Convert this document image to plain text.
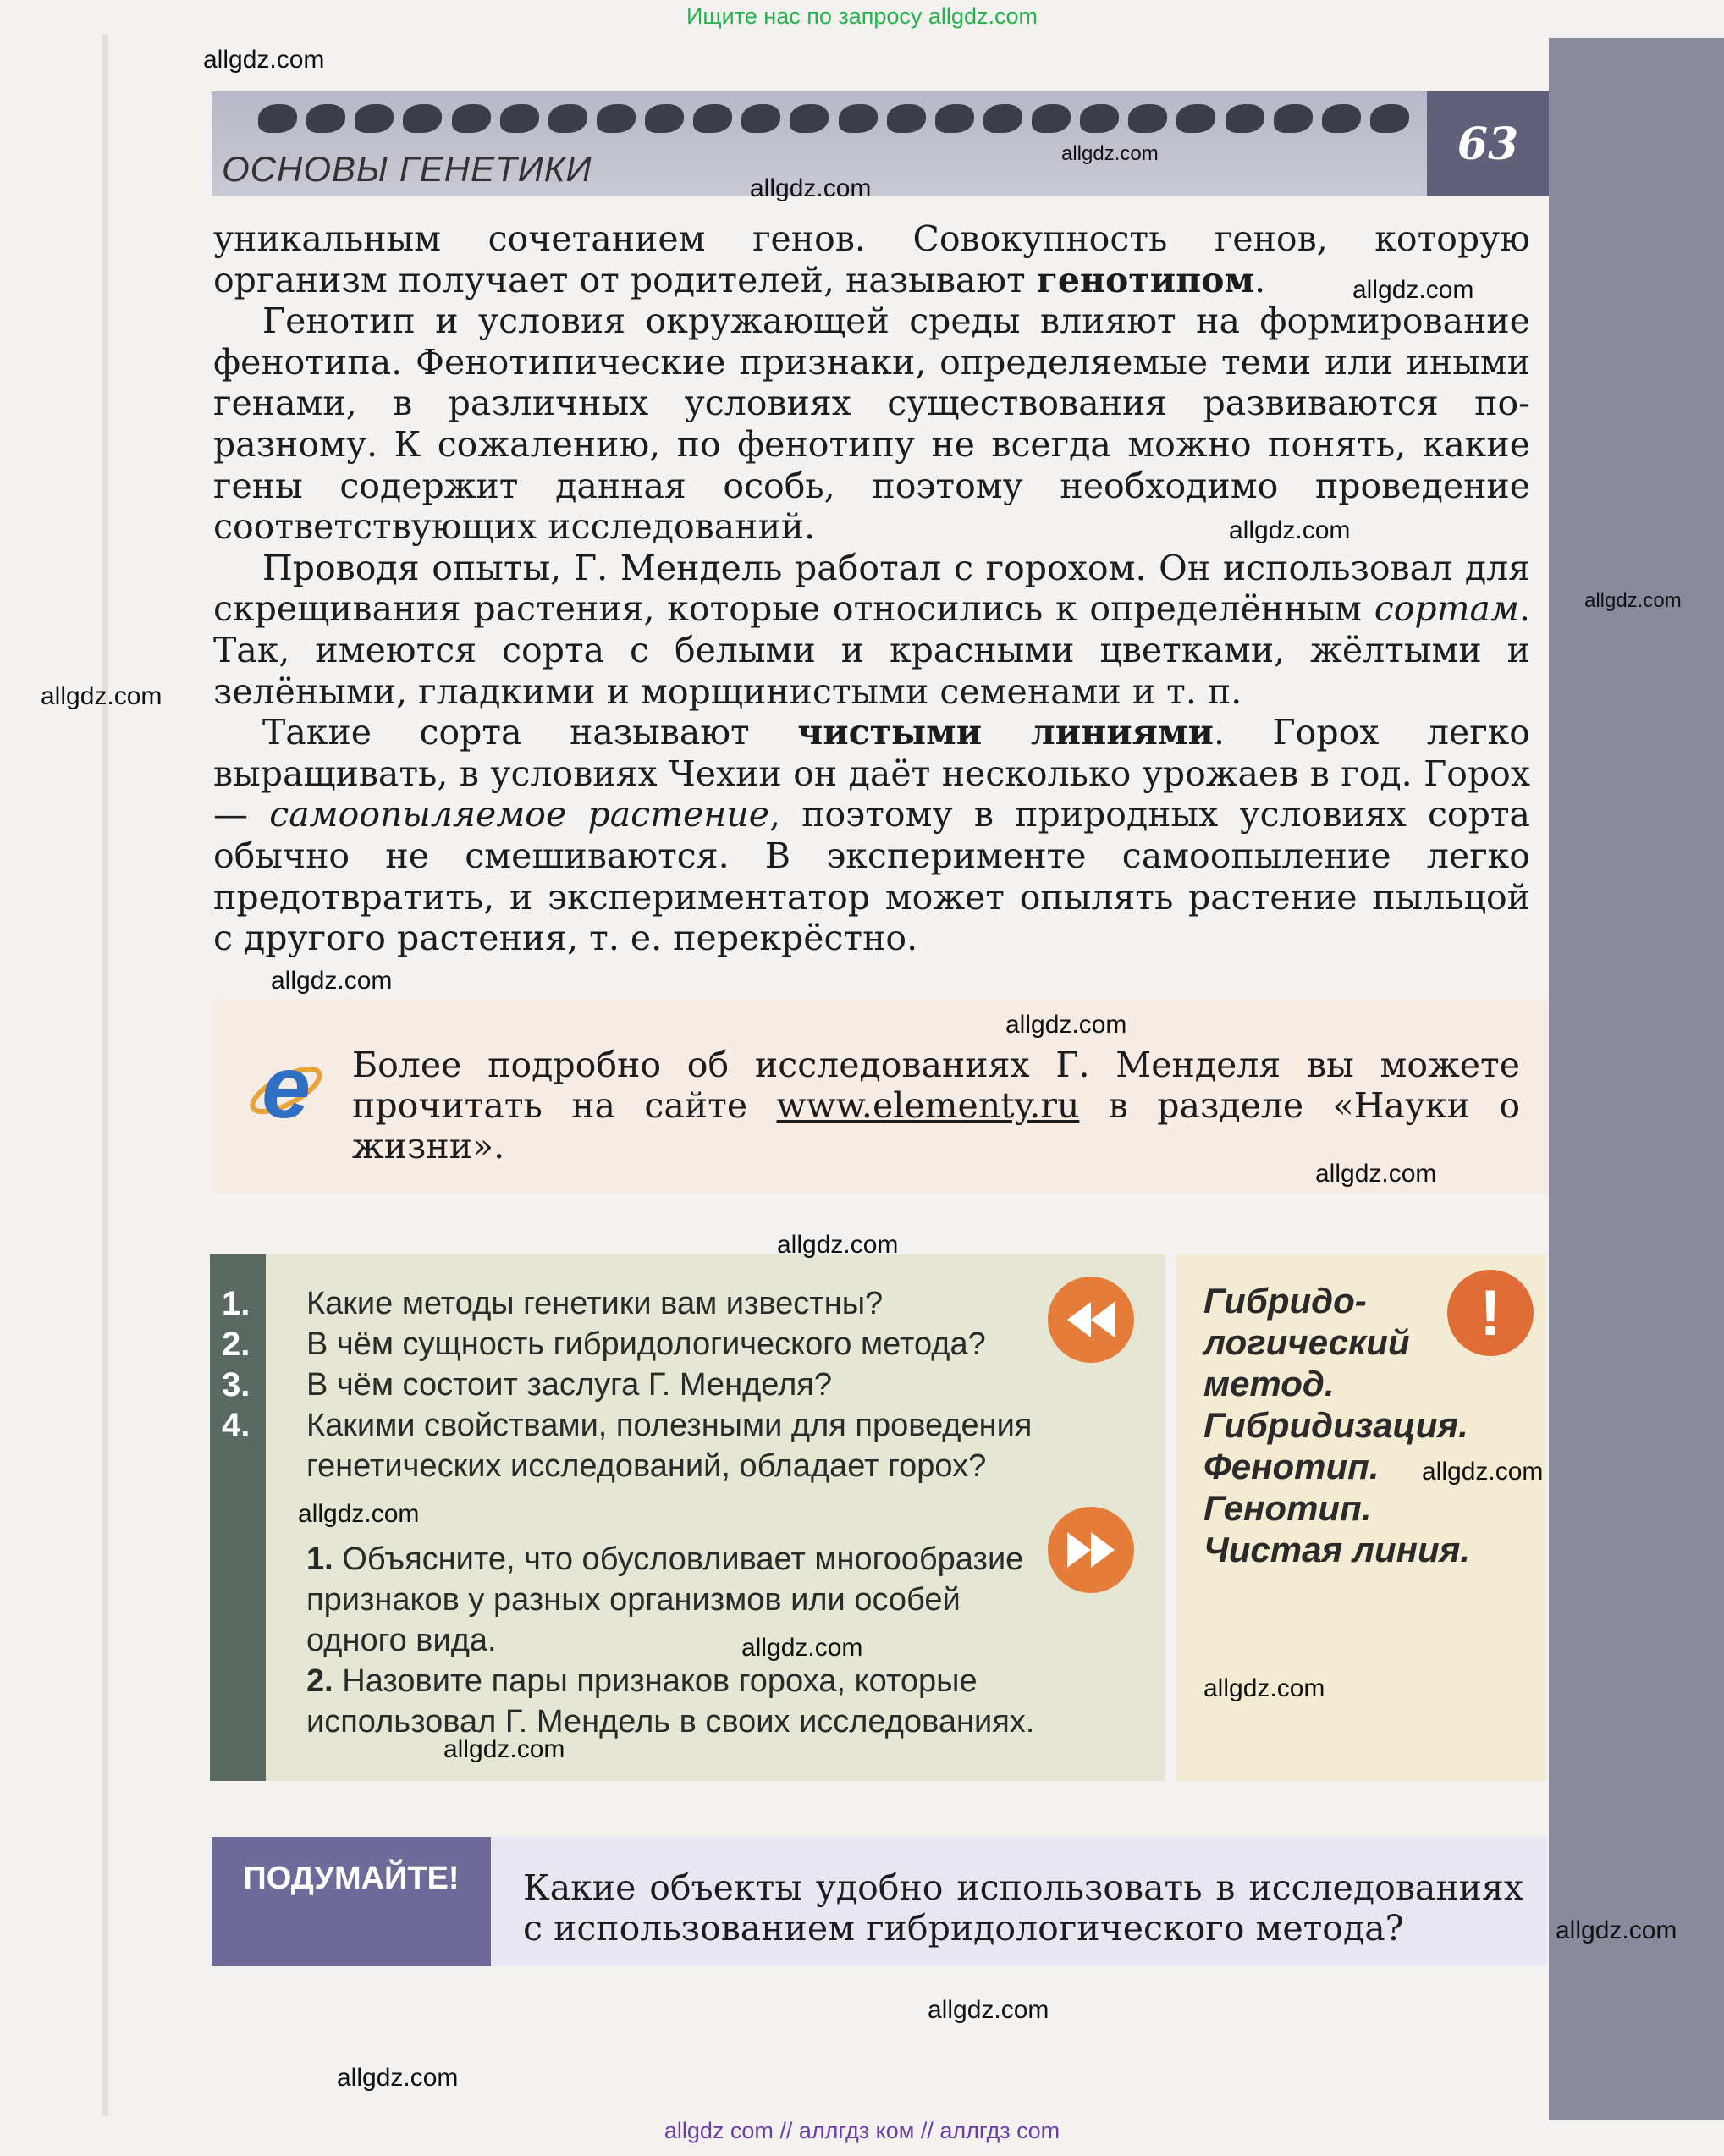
Ищите нас по запросу allgdz.com
ОСНОВЫ ГЕНЕТИКИ	63

уникальным сочетанием генов. Совокупность генов, которую организм получает от родителей, называют генотипом.

Генотип и условия окружающей среды влияют на формирование фенотипа. Фенотипические признаки, определяемые теми или иными генами, в различных условиях существования развиваются по-разному. К сожалению, по фенотипу не всегда можно понять, какие гены содержит данная особь, поэтому необходимо проведение соответствующих исследований.

Проводя опыты, Г. Мендель работал с горохом. Он использовал для скрещивания растения, которые относились к определённым сортам. Так, имеются сорта с белыми и красными цветками, жёлтыми и зелёными, гладкими и морщинистыми семенами и т. п.

Такие сорта называют чистыми линиями. Горох легко выращивать, в условиях Чехии он даёт несколько урожаев в год. Горох — самоопыляемое растение, поэтому в природных условиях сорта обычно не смешиваются. В эксперименте самоопыление легко предотвратить, и экспериментатор может опылять растение пыльцой с другого растения, т. е. перекрёстно.

e Более подробно об исследованиях Г. Менделя вы можете прочитать на сайте www.elementy.ru в разделе «Науки о жизни».
1. Какие методы генетики вам известны?
2. В чём сущность гибридологического метода?
3. В чём состоит заслуга Г. Менделя?
4. Какими свойствами, полезными для проведения генетических исследований, обладает горох?
1. Объясните, что обусловливает многообразие признаков у разных организмов или особей одного вида.
2. Назовите пары признаков гороха, которые использовал Г. Мендель в своих исследованиях.
!
Гибридо-
логический
метод.
Гибридизация.
Фенотип.
Генотип.
Чистая линия.
ПОДУМАЙТЕ!	Какие объекты удобно использовать в исследованиях с использованием гибридологического метода?
allgdz.com
allgdz.com
allgdz.com
allgdz.com
allgdz.com
allgdz.com
allgdz.com
allgdz.com
allgdz.com
allgdz.com
allgdz.com
allgdz.com
allgdz.com
allgdz.com
allgdz.com
allgdz.com
allgdz.com
allgdz.com
allgdz.com
allgdz com // аллгдз ком // аллгдз com
